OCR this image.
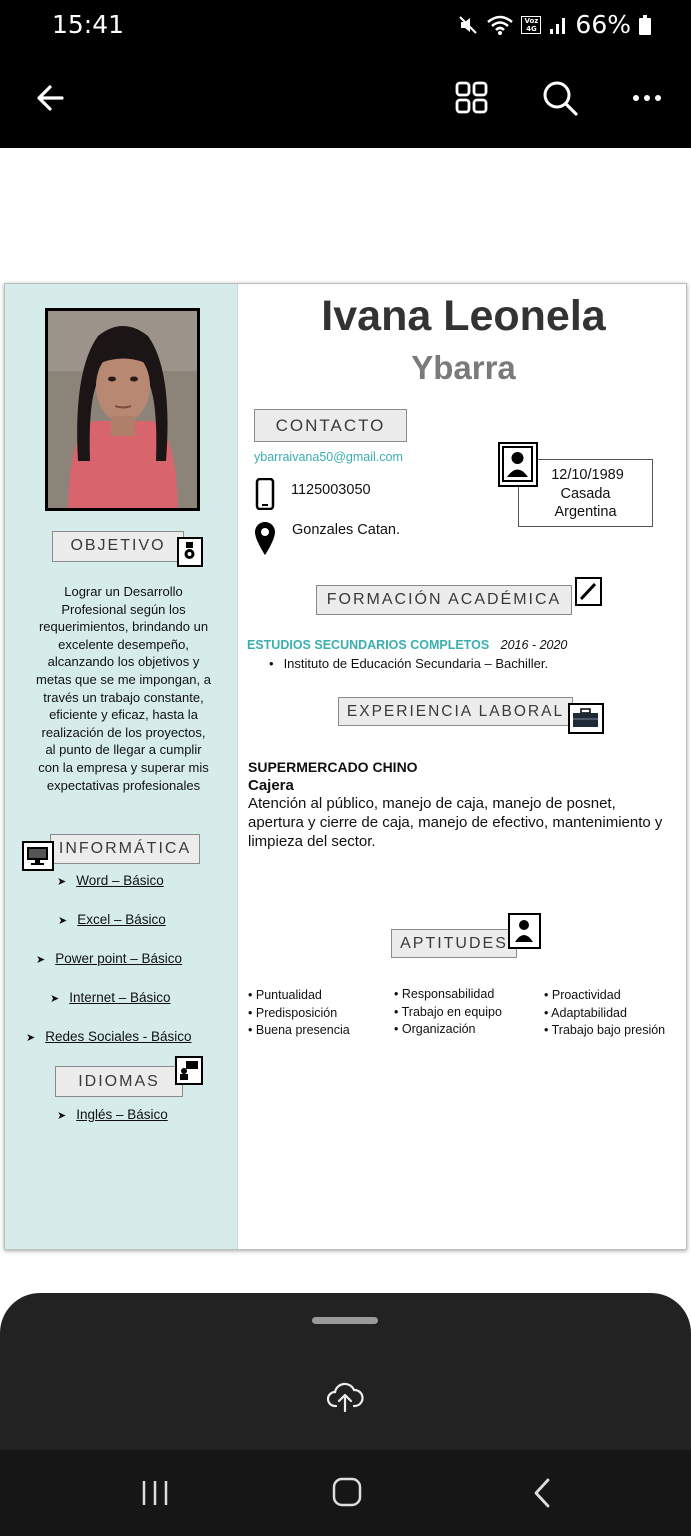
15:41	Voz 4G 66%
OBJETIVO
Lograr un Desarrollo Profesional según los requerimientos, brindando un excelente desempeño, alcanzando los objetivos y metas que se me impongan, a través un trabajo constante, eficiente y eficaz, hasta la realización de los proyectos, al punto de llegar a cumplir con la empresa y superar mis expectativas profesionales
INFORMÁTICA
➤ Word – Básico
➤ Excel – Básico
➤ Power point – Básico
➤ Internet – Básico
➤ Redes Sociales - Básico
IDIOMAS
➤ Inglés – Básico
Ivana Leonela
Ybarra
CONTACTO
ybarraivana50@gmail.com
1125003050
Gonzales Catan.
12/10/1989
Casada
Argentina
FORMACIÓN ACADÉMICA
ESTUDIOS SECUNDARIOS COMPLETOS 2016 - 2020
• Instituto de Educación Secundaria – Bachiller.
EXPERIENCIA LABORAL
SUPERMERCADO CHINO
Cajera
Atención al público, manejo de caja, manejo de posnet, apertura y cierre de caja, manejo de efectivo, mantenimiento y limpieza del sector.
APTITUDES
• Puntualidad
• Predisposición
• Buena presencia
• Responsabilidad
• Trabajo en equipo
• Organización
• Proactividad
• Adaptabilidad
• Trabajo bajo presión
